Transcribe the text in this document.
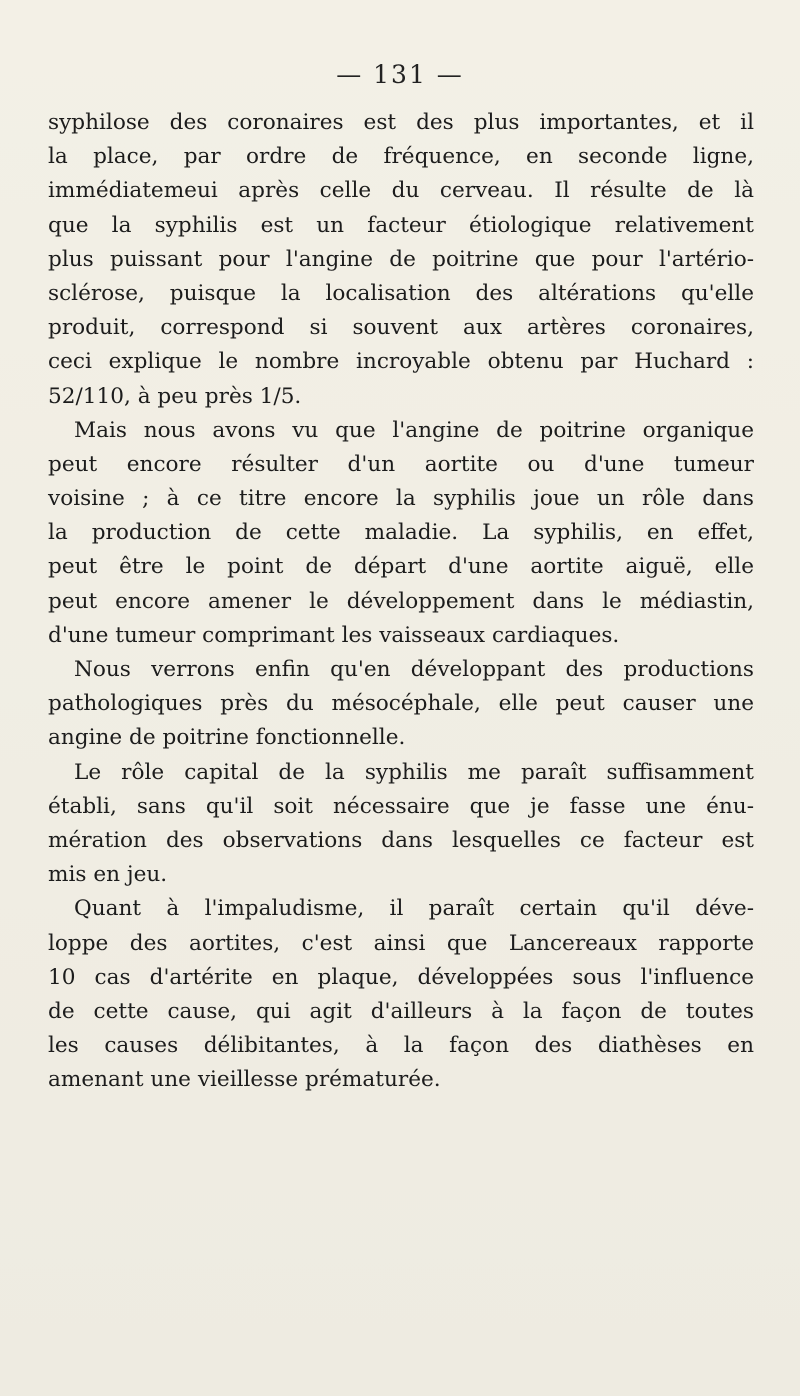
— 131 —
syphilose des coronaires est des plus importantes, et il
la place, par ordre de fréquence, en seconde ligne,
immédiatemeui après celle du cerveau. Il résulte de là
que la syphilis est un facteur étiologique relativement
plus puissant pour l'angine de poitrine que pour l'artério-
sclérose, puisque la localisation des altérations qu'elle
produit, correspond si souvent aux artères coronaires,
ceci explique le nombre incroyable obtenu par Huchard :
52/110, à peu près 1/5.
Mais nous avons vu que l'angine de poitrine organique
peut encore résulter d'un aortite ou d'une tumeur
voisine ; à ce titre encore la syphilis joue un rôle dans
la production de cette maladie. La syphilis, en effet,
peut être le point de départ d'une aortite aiguë, elle
peut encore amener le développement dans le médiastin,
d'une tumeur comprimant les vaisseaux cardiaques.
Nous verrons enfin qu'en développant des productions
pathologiques près du mésocéphale, elle peut causer une
angine de poitrine fonctionnelle.
Le rôle capital de la syphilis me paraît suffisamment
établi, sans qu'il soit nécessaire que je fasse une énu-
mération des observations dans lesquelles ce facteur est
mis en jeu.
Quant à l'impaludisme, il paraît certain qu'il déve-
loppe des aortites, c'est ainsi que Lancereaux rapporte
10 cas d'artérite en plaque, développées sous l'influence
de cette cause, qui agit d'ailleurs à la façon de toutes
les causes délibitantes, à la façon des diathèses en
amenant une vieillesse prématurée.
